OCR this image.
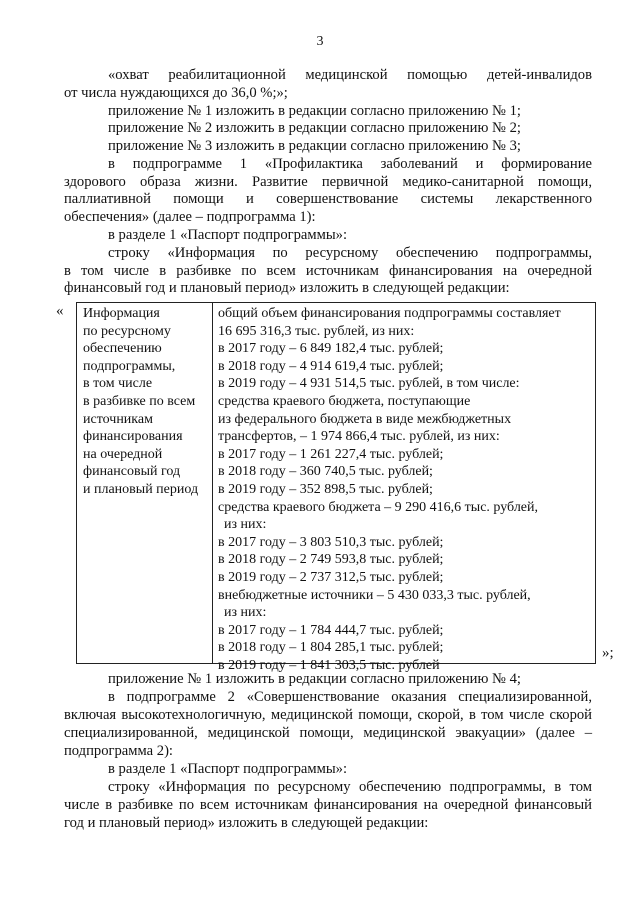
3
«охват реабилитационной медицинской помощью детей-инвалидов
от числа нуждающихся до 36,0 %;»;
приложение № 1 изложить в редакции согласно приложению № 1;
приложение № 2 изложить в редакции согласно приложению № 2;
приложение № 3 изложить в редакции согласно приложению № 3;
в подпрограмме 1 «Профилактика заболеваний и формирование
здорового образа жизни. Развитие первичной медико-санитарной помощи,
паллиативной помощи и совершенствование системы лекарственного
обеспечения» (далее – подпрограмма 1):
в разделе 1 «Паспорт подпрограммы»:
строку «Информация по ресурсному обеспечению подпрограммы,
в том числе в разбивке по всем источникам финансирования на очередной
финансовый год и плановый период» изложить в следующей редакции:
« Информация
по ресурсному
обеспечению
подпрограммы,
в том числе
в разбивке по всем
источникам
финансирования
на очередной
финансовый год
и плановый период
общий объем финансирования подпрограммы составляет
16 695 316,3 тыс. рублей, из них:
в 2017 году – 6 849 182,4 тыс. рублей;
в 2018 году – 4 914 619,4 тыс. рублей;
в 2019 году – 4 931 514,5 тыс. рублей, в том числе:
средства краевого бюджета, поступающие
из федерального бюджета в виде межбюджетных
трансфертов, – 1 974 866,4 тыс. рублей, из них:
в 2017 году – 1 261 227,4 тыс. рублей;
в 2018 году – 360 740,5 тыс. рублей;
в 2019 году – 352 898,5 тыс. рублей;
средства краевого бюджета – 9 290 416,6 тыс. рублей,
из них:
в 2017 году – 3 803 510,3 тыс. рублей;
в 2018 году – 2 749 593,8 тыс. рублей;
в 2019 году – 2 737 312,5 тыс. рублей;
внебюджетные источники – 5 430 033,3 тыс. рублей,
из них:
в 2017 году – 1 784 444,7 тыс. рублей;
в 2018 году – 1 804 285,1 тыс. рублей;
в 2019 году – 1 841 303,5 тыс. рублей
»;
приложение № 1 изложить в редакции согласно приложению № 4;
в подпрограмме 2 «Совершенствование оказания специализированной,
включая высокотехнологичную, медицинской помощи, скорой, в том числе скорой
специализированной, медицинской помощи, медицинской эвакуации» (далее –
подпрограмма 2):
в разделе 1 «Паспорт подпрограммы»:
строку «Информация по ресурсному обеспечению подпрограммы, в том
числе в разбивке по всем источникам финансирования на очередной финансовый
год и плановый период» изложить в следующей редакции:
